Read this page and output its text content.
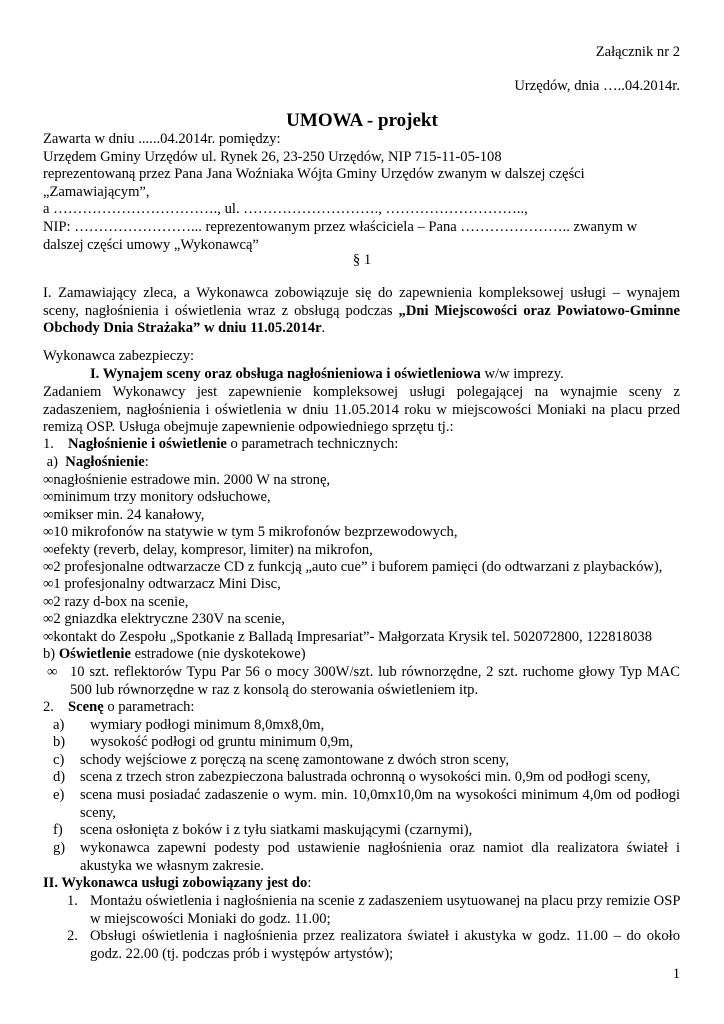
Załącznik nr 2
Urzędów, dnia …..04.2014r.
UMOWA - projekt
Zawarta w dniu ......04.2014r. pomiędzy:
Urzędem Gminy Urzędów ul. Rynek 26, 23-250 Urzędów, NIP 715-11-05-108
reprezentowaną przez Pana Jana Woźniaka Wójta Gminy Urzędów zwanym w dalszej części
„Zamawiającym”,
a ……………………………., ul. ………………………., ………………………..,
NIP: ……………………... reprezentowanym przez właściciela – Pana ………………….. zwanym w
dalszej części umowy „Wykonawcą”
§ 1
I. Zamawiający zleca, a Wykonawca zobowiązuje się do zapewnienia kompleksowej usługi – wynajem
sceny, nagłośnienia i oświetlenia wraz z obsługą podczas „Dni Miejscowości oraz Powiatowo-Gminne
Obchody Dnia Strażaka” w dniu 11.05.2014r.
Wykonawca zabezpieczy:
I. Wynajem sceny oraz obsługa nagłośnieniowa i oświetleniowa w/w imprezy.
Zadaniem Wykonawcy jest zapewnienie kompleksowej usługi polegającej na wynajmie sceny z
zadaszeniem, nagłośnienia i oświetlenia w dniu 11.05.2014 roku w miejscowości Moniaki na placu przed
remizą OSP. Usługa obejmuje zapewnienie odpowiedniego sprzętu tj.:
1. Nagłośnienie i oświetlenie o parametrach technicznych:
a)  Nagłośnienie:
∞nagłośnienie estradowe min. 2000 W na stronę,
∞minimum trzy monitory odsłuchowe,
∞mikser min. 24 kanałowy,
∞10 mikrofonów na statywie w tym 5 mikrofonów bezprzewodowych,
∞efekty (reverb, delay, kompresor, limiter) na mikrofon,
∞2 profesjonalne odtwarzacze CD z funkcją „auto cue” i buforem pamięci (do odtwarzani z playbacków),
∞1 profesjonalny odtwarzacz Mini Disc,
∞2 razy d-box na scenie,
∞2 gniazdka elektryczne 230V na scenie,
∞kontakt do Zespołu „Spotkanie z Balladą Impresariat”- Małgorzata Krysik tel. 502072800, 122818038
b) Oświetlenie estradowe (nie dyskotekowe)
∞ 10 szt. reflektorów Typu Par 56 o mocy 300W/szt. lub równorzędne, 2 szt. ruchome głowy Typ MAC
500 lub równorzędne w raz z konsolą do sterowania oświetleniem itp.
2. Scenę o parametrach:
a) wymiary podłogi minimum 8,0mx8,0m,
b) wysokość podłogi od gruntu minimum 0,9m,
c) schody wejściowe z poręczą na scenę zamontowane z dwóch stron sceny,
d) scena z trzech stron zabezpieczona balustrada ochronną o wysokości min. 0,9m od podłogi sceny,
e) scena musi posiadać zadaszenie o wym. min. 10,0mx10,0m na wysokości minimum 4,0m od podłogi
sceny,
f) scena osłonięta z boków i z tyłu siatkami maskującymi (czarnymi),
g) wykonawca zapewni podesty pod ustawienie nagłośnienia oraz namiot dla realizatora świateł i
akustyka we własnym zakresie.
II. Wykonawca usługi zobowiązany jest do:
1. Montażu oświetlenia i nagłośnienia na scenie z zadaszeniem usytuowanej na placu przy remizie OSP
w miejscowości Moniaki do godz. 11.00;
2. Obsługi oświetlenia i nagłośnienia przez realizatora świateł i akustyka w godz. 11.00 – do około
godz. 22.00 (tj. podczas prób i występów artystów);
1
